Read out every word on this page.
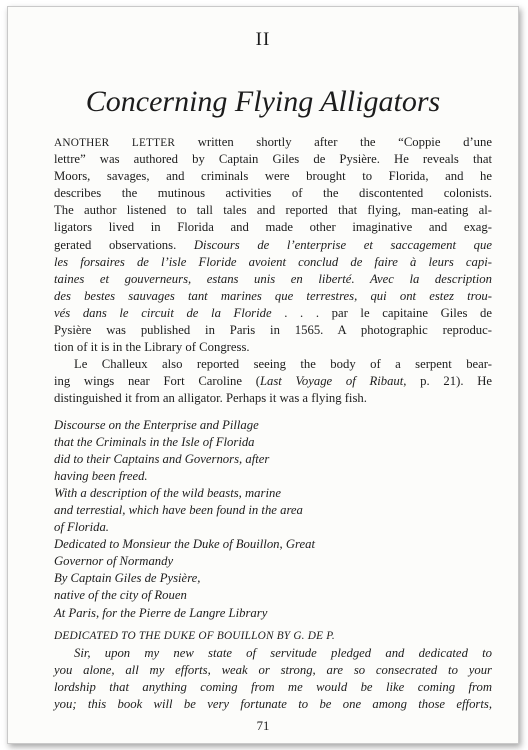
II
Concerning Flying Alligators
ANOTHER LETTER written shortly after the “Coppie d’une
lettre” was authored by Captain Giles de Pysière. He reveals that
Moors, savages, and criminals were brought to Florida, and he
describes the mutinous activities of the discontented colonists.
The author listened to tall tales and reported that flying, man-eating al-
ligators lived in Florida and made other imaginative and exag-
gerated observations. Discours de l’enterprise et saccagement que
les forsaires de l’isle Floride avoient conclud de faire à leurs capi-
taines et gouverneurs, estans unis en liberté. Avec la description
des bestes sauvages tant marines que terrestres, qui ont estez trou-
vés dans le circuit de la Floride . . . par le capitaine Giles de
Pysière was published in Paris in 1565. A photographic reproduc-
tion of it is in the Library of Congress.
Le Challeux also reported seeing the body of a serpent bear-
ing wings near Fort Caroline (Last Voyage of Ribaut, p. 21). He
distinguished it from an alligator. Perhaps it was a flying fish.
Discourse on the Enterprise and Pillage
that the Criminals in the Isle of Florida
did to their Captains and Governors, after
having been freed.
With a description of the wild beasts, marine
and terrestial, which have been found in the area
of Florida.
Dedicated to Monsieur the Duke of Bouillon, Great
Governor of Normandy
By Captain Giles de Pysière,
native of the city of Rouen
At Paris, for the Pierre de Langre Library
DEDICATED TO THE DUKE OF BOUILLON BY G. DE P.
Sir, upon my new state of servitude pledged and dedicated to
you alone, all my efforts, weak or strong, are so consecrated to your
lordship that anything coming from me would be like coming from
you; this book will be very fortunate to be one among those efforts,
71
